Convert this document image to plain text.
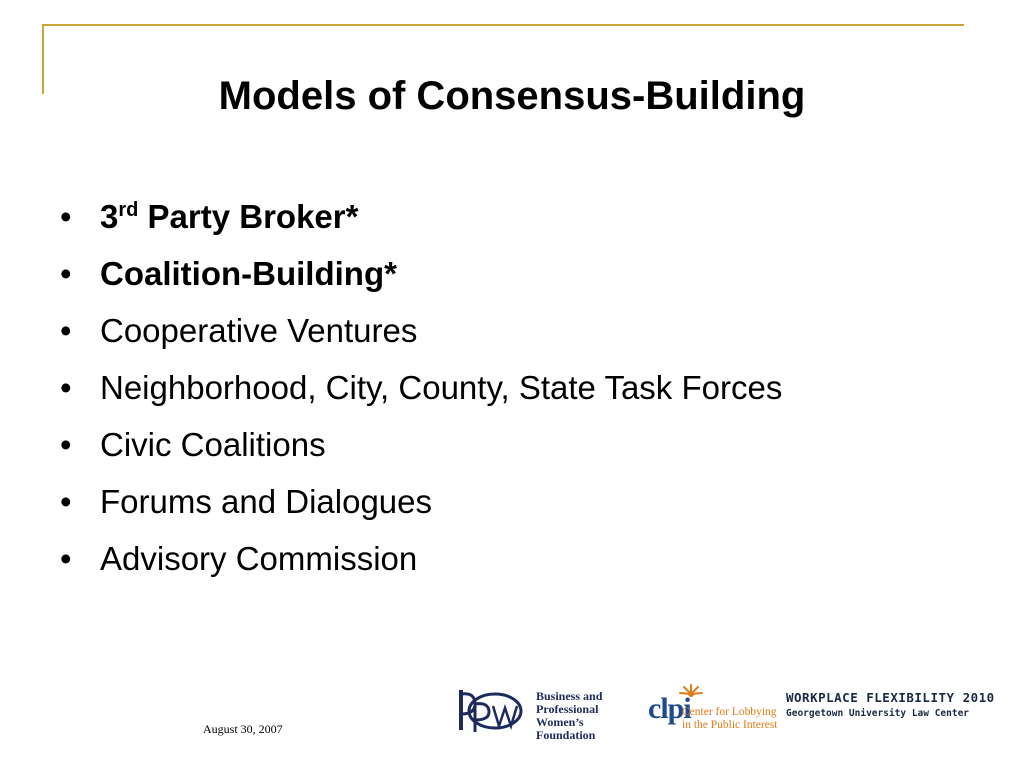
Models of Consensus-Building
• 3rd Party Broker*
• Coalition-Building*
• Cooperative Ventures
• Neighborhood, City, County, State Task Forces
• Civic Coalitions
• Forums and Dialogues
• Advisory Commission
August 30, 2007
Business and
Professional
Women’s
Foundation
clpi
Center for Lobbying
in the Public Interest
WORKPLACE FLEXIBILITY 2010
Georgetown University Law Center
